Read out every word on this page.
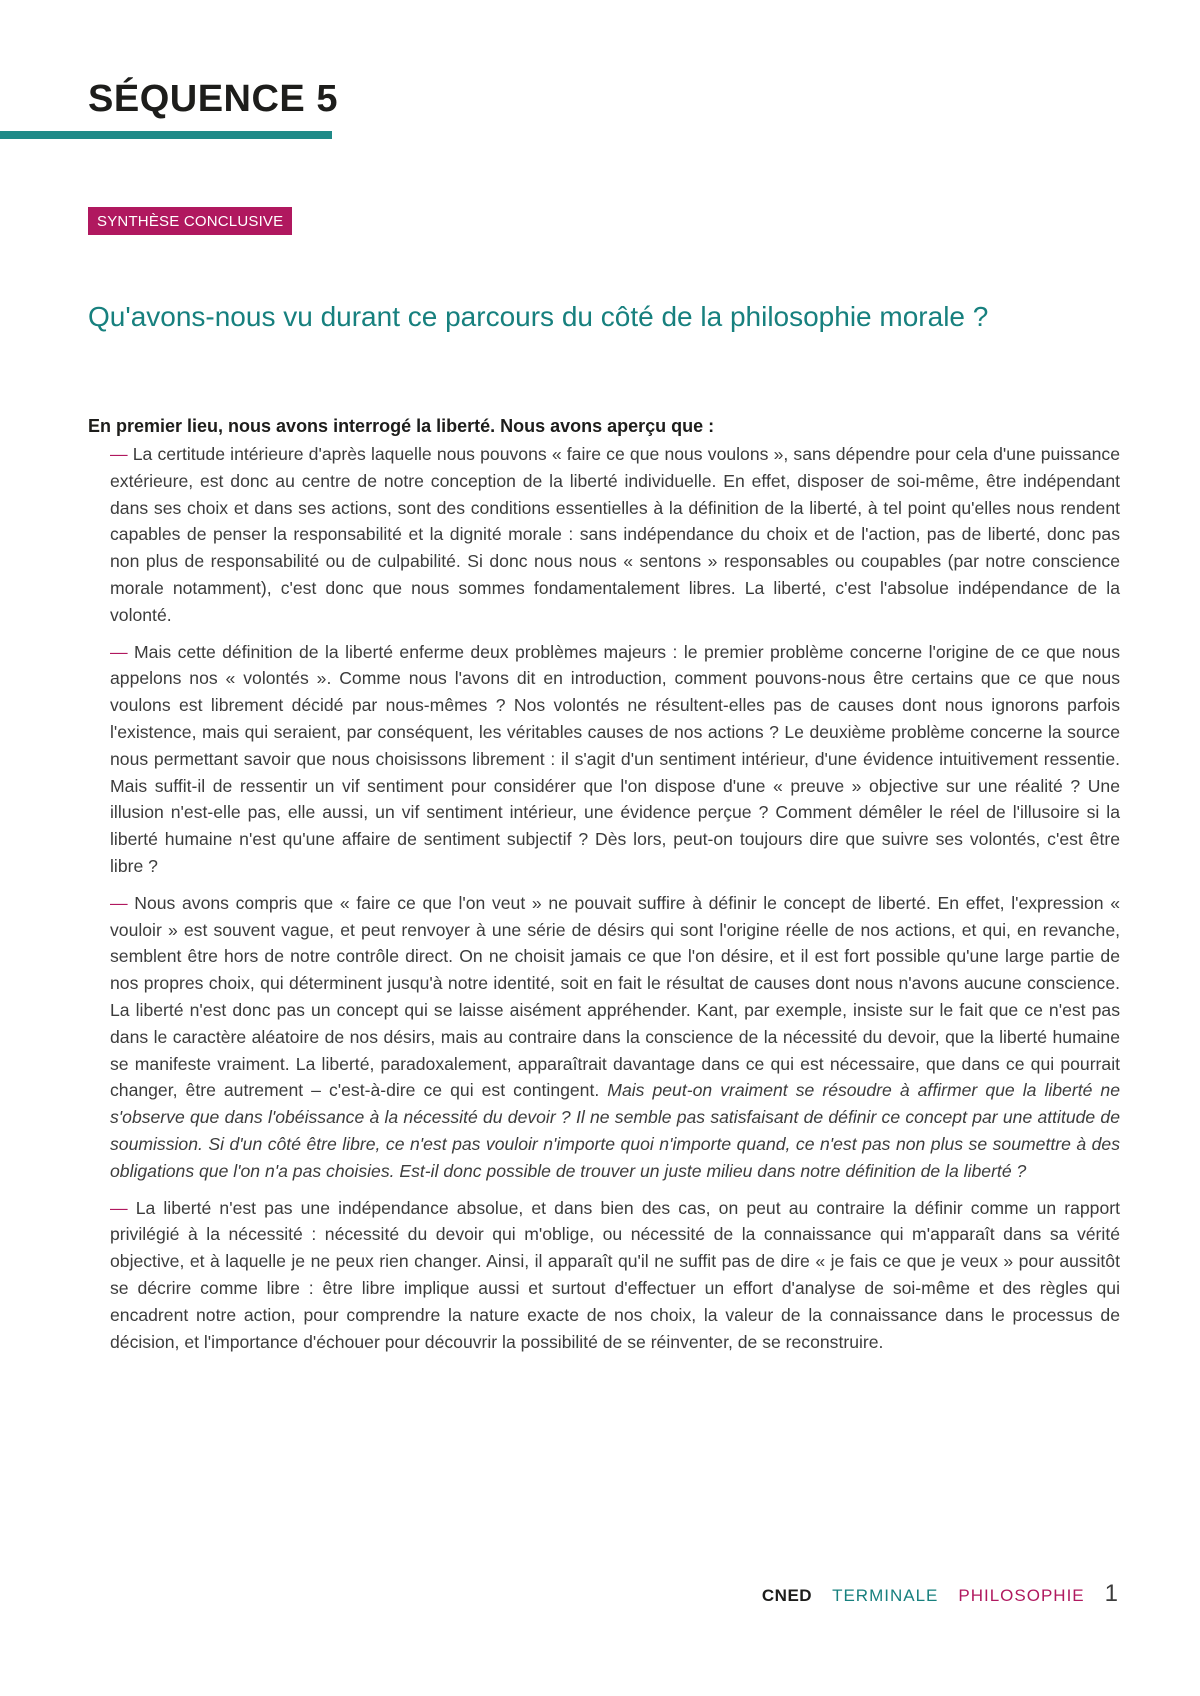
SÉQUENCE 5
SYNTHÈSE CONCLUSIVE
Qu'avons-nous vu durant ce parcours du côté de la philosophie morale ?

En premier lieu, nous avons interrogé la liberté. Nous avons aperçu que :

— La certitude intérieure d'après laquelle nous pouvons « faire ce que nous voulons », sans dépendre pour cela d'une puissance extérieure, est donc au centre de notre conception de la liberté individuelle. En effet, disposer de soi-même, être indépendant dans ses choix et dans ses actions, sont des conditions essentielles à la définition de la liberté, à tel point qu'elles nous rendent capables de penser la responsabilité et la dignité morale : sans indépendance du choix et de l'action, pas de liberté, donc pas non plus de responsabilité ou de culpabilité. Si donc nous nous « sentons » responsables ou coupables (par notre conscience morale notamment), c'est donc que nous sommes fondamentalement libres. La liberté, c'est l'absolue indépendance de la volonté.

— Mais cette définition de la liberté enferme deux problèmes majeurs : le premier problème concerne l'origine de ce que nous appelons nos « volontés ». Comme nous l'avons dit en introduction, comment pouvons-nous être certains que ce que nous voulons est librement décidé par nous-mêmes ? Nos volontés ne résultent-elles pas de causes dont nous ignorons parfois l'existence, mais qui seraient, par conséquent, les véritables causes de nos actions ? Le deuxième problème concerne la source nous permettant savoir que nous choisissons librement : il s'agit d'un sentiment intérieur, d'une évidence intuitivement ressentie. Mais suffit-il de ressentir un vif sentiment pour considérer que l'on dispose d'une « preuve » objective sur une réalité ? Une illusion n'est-elle pas, elle aussi, un vif sentiment intérieur, une évidence perçue ? Comment démêler le réel de l'illusoire si la liberté humaine n'est qu'une affaire de sentiment subjectif ? Dès lors, peut-on toujours dire que suivre ses volontés, c'est être libre ?

— Nous avons compris que « faire ce que l'on veut » ne pouvait suffire à définir le concept de liberté. En effet, l'expression « vouloir » est souvent vague, et peut renvoyer à une série de désirs qui sont l'origine réelle de nos actions, et qui, en revanche, semblent être hors de notre contrôle direct. On ne choisit jamais ce que l'on désire, et il est fort possible qu'une large partie de nos propres choix, qui déterminent jusqu'à notre identité, soit en fait le résultat de causes dont nous n'avons aucune conscience. La liberté n'est donc pas un concept qui se laisse aisément appréhender. Kant, par exemple, insiste sur le fait que ce n'est pas dans le caractère aléatoire de nos désirs, mais au contraire dans la conscience de la nécessité du devoir, que la liberté humaine se manifeste vraiment. La liberté, paradoxalement, apparaîtrait davantage dans ce qui est nécessaire, que dans ce qui pourrait changer, être autrement – c'est-à-dire ce qui est contingent. Mais peut-on vraiment se résoudre à affirmer que la liberté ne s'observe que dans l'obéissance à la nécessité du devoir ? Il ne semble pas satisfaisant de définir ce concept par une attitude de soumission. Si d'un côté être libre, ce n'est pas vouloir n'importe quoi n'importe quand, ce n'est pas non plus se soumettre à des obligations que l'on n'a pas choisies. Est-il donc possible de trouver un juste milieu dans notre définition de la liberté ?

— La liberté n'est pas une indépendance absolue, et dans bien des cas, on peut au contraire la définir comme un rapport privilégié à la nécessité : nécessité du devoir qui m'oblige, ou nécessité de la connaissance qui m'apparaît dans sa vérité objective, et à laquelle je ne peux rien changer. Ainsi, il apparaît qu'il ne suffit pas de dire « je fais ce que je veux » pour aussitôt se décrire comme libre : être libre implique aussi et surtout d'effectuer un effort d'analyse de soi-même et des règles qui encadrent notre action, pour comprendre la nature exacte de nos choix, la valeur de la connaissance dans le processus de décision, et l'importance d'échouer pour découvrir la possibilité de se réinventer, de se reconstruire.

CNED TERMINALE PHILOSOPHIE 1
